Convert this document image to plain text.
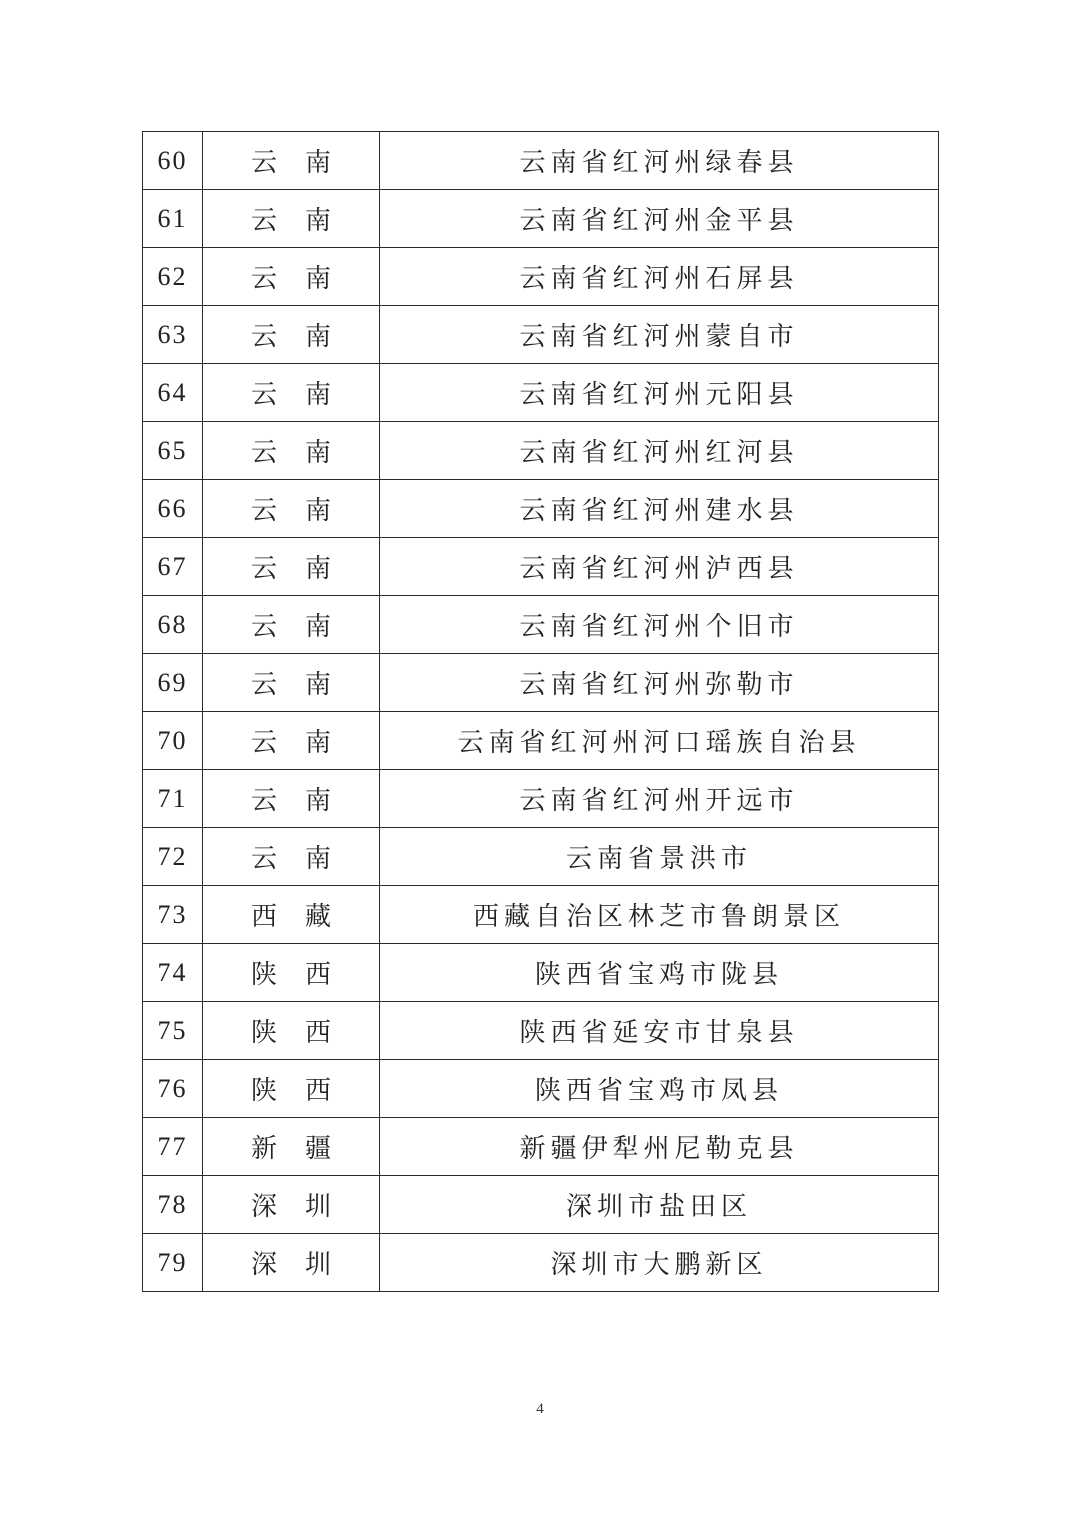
60	云 南	云南省红河州绿春县
61	云 南	云南省红河州金平县
62	云 南	云南省红河州石屏县
63	云 南	云南省红河州蒙自市
64	云 南	云南省红河州元阳县
65	云 南	云南省红河州红河县
66	云 南	云南省红河州建水县
67	云 南	云南省红河州泸西县
68	云 南	云南省红河州个旧市
69	云 南	云南省红河州弥勒市
70	云 南	云南省红河州河口瑶族自治县
71	云 南	云南省红河州开远市
72	云 南	云南省景洪市
73	西 藏	西藏自治区林芝市鲁朗景区
74	陕 西	陕西省宝鸡市陇县
75	陕 西	陕西省延安市甘泉县
76	陕 西	陕西省宝鸡市凤县
77	新 疆	新疆伊犁州尼勒克县
78	深 圳	深圳市盐田区
79	深 圳	深圳市大鹏新区
4
